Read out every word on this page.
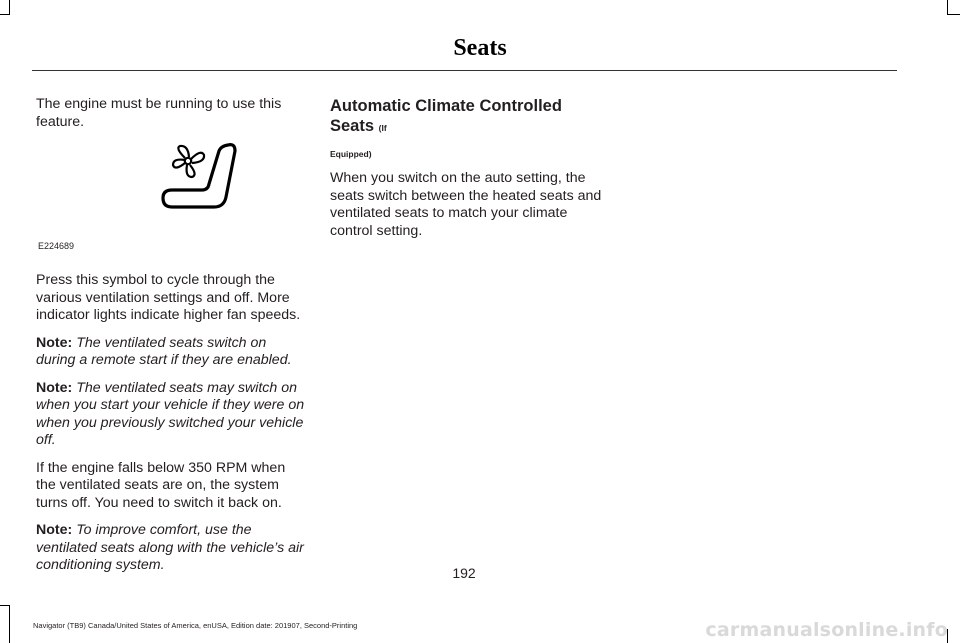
Seats

The engine must be running to use this feature.

E224689

Press this symbol to cycle through the various ventilation settings and off. More indicator lights indicate higher fan speeds.

Note: The ventilated seats switch on during a remote start if they are enabled.

Note: The ventilated seats may switch on when you start your vehicle if they were on when you previously switched your vehicle off.

If the engine falls below 350 RPM when the ventilated seats are on, the system turns off. You need to switch it back on.

Note: To improve comfort, use the ventilated seats along with the vehicle’s air conditioning system.

Automatic Climate Controlled Seats (If

Equipped)

When you switch on the auto setting, the seats switch between the heated seats and ventilated seats to match your climate control setting.

192
Navigator (TB9) Canada/United States of America, enUSA, Edition date: 201907, Second-Printing	carmanualsonline.info
